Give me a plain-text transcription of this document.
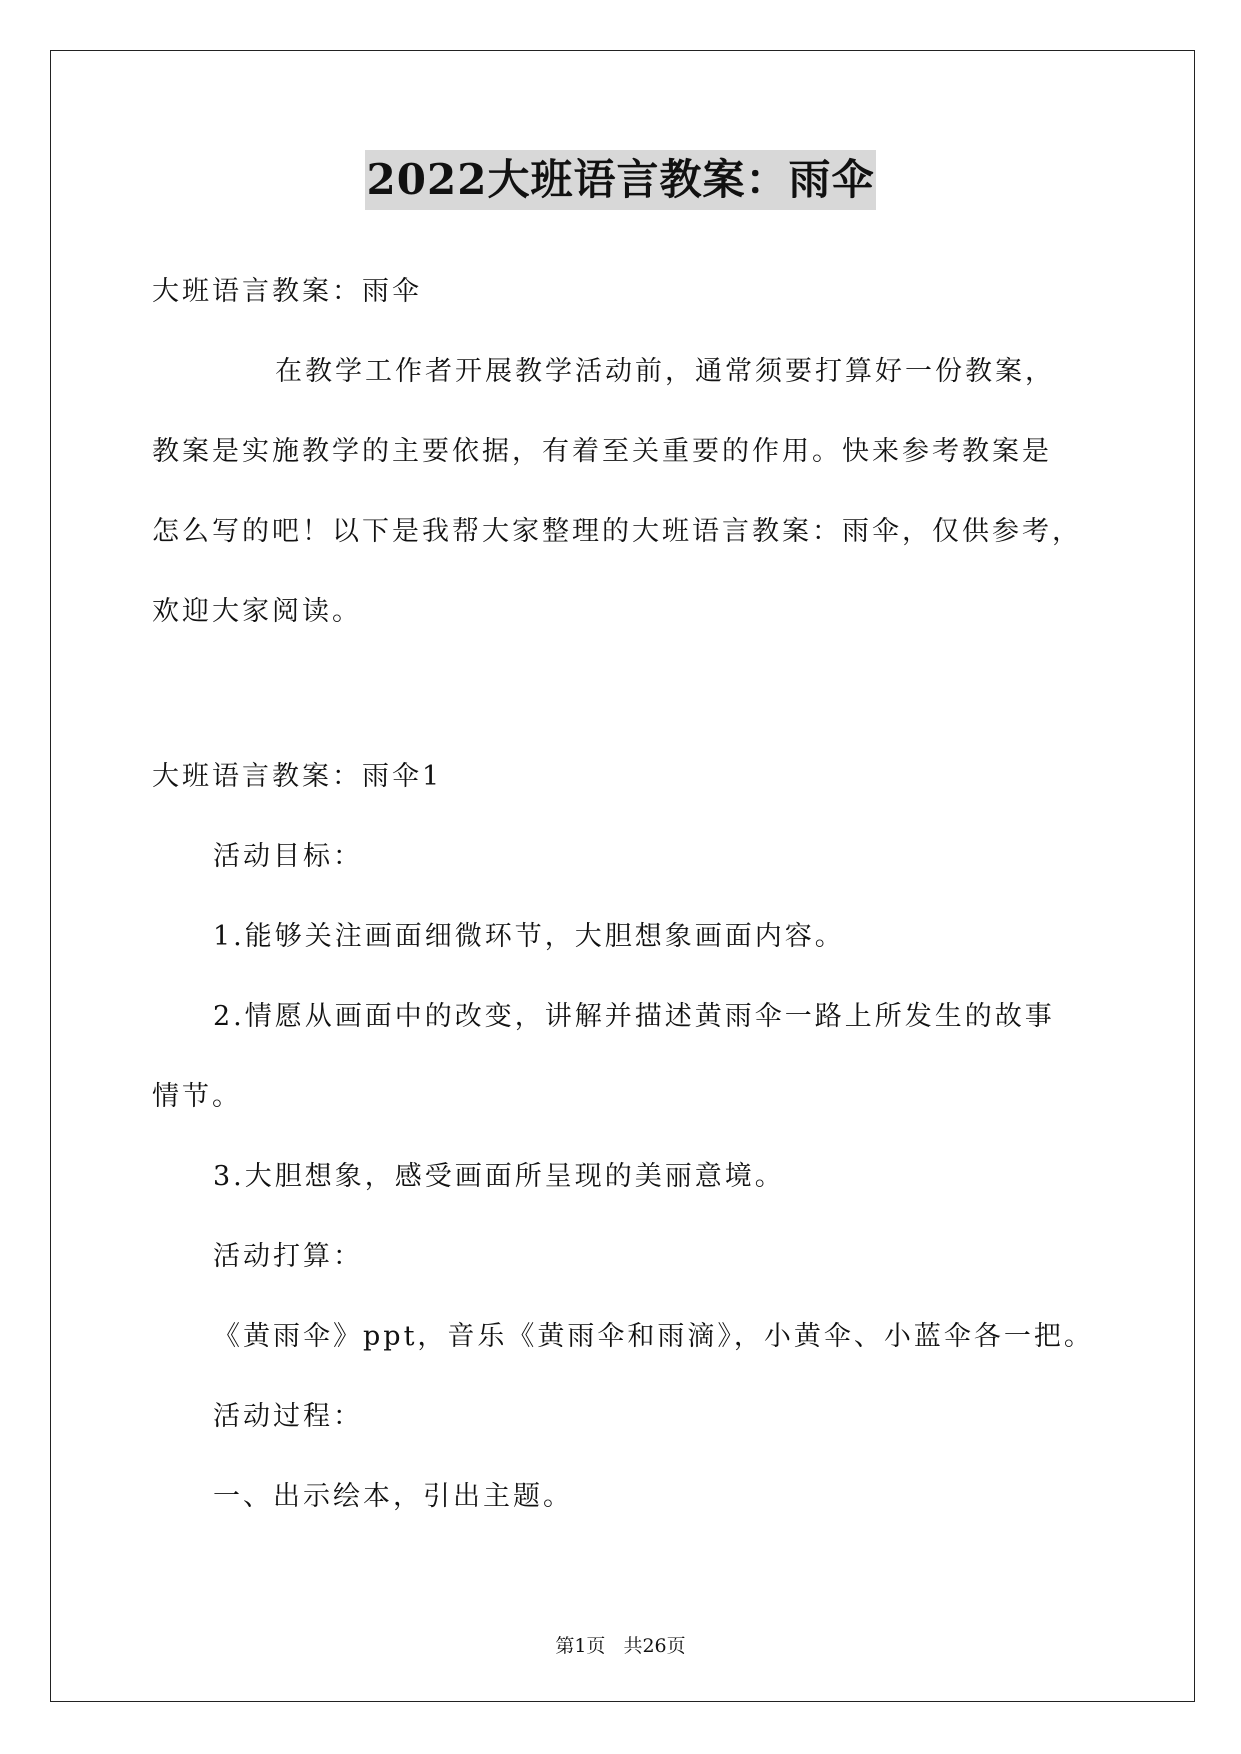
2022大班语言教案：雨伞
大班语言教案：雨伞
在教学工作者开展教学活动前，通常须要打算好一份教案，
教案是实施教学的主要依据，有着至关重要的作用。快来参考教案是
怎么写的吧！以下是我帮大家整理的大班语言教案：雨伞，仅供参考，
欢迎大家阅读。
大班语言教案：雨伞1
活动目标：
1.能够关注画面细微环节，大胆想象画面内容。
2.情愿从画面中的改变，讲解并描述黄雨伞一路上所发生的故事
情节。
3.大胆想象，感受画面所呈现的美丽意境。
活动打算：
《黄雨伞》ppt，音乐《黄雨伞和雨滴》，小黄伞、小蓝伞各一把。
活动过程：
一、出示绘本，引出主题。
第1页 共26页
